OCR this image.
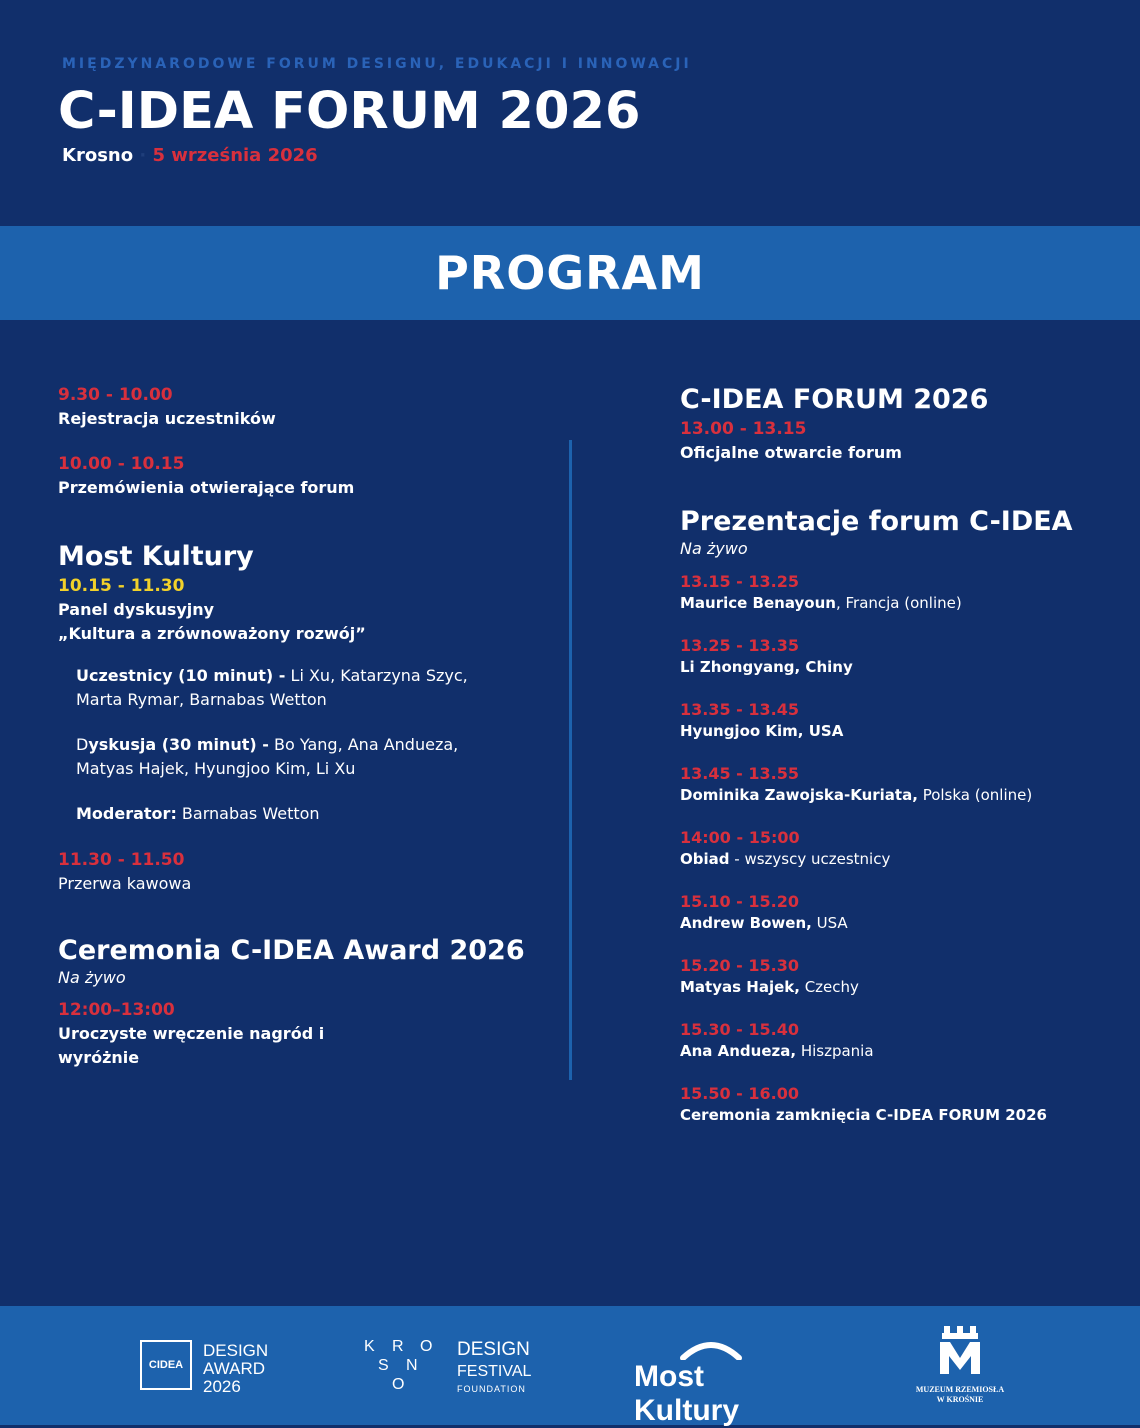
MIĘDZYNARODOWE FORUM DESIGNU, EDUKACJI I INNOWACJI
C-IDEA FORUM 2026
Krosno · 5 września 2026
PROGRAM
9.30 - 10.00
Rejestracja uczestników
10.00 - 10.15
Przemówienia otwierające forum
Most Kultury
10.15 - 11.30
Panel dyskusyjny
„Kultura a zrównoważony rozwój”
Uczestnicy (10 minut) - Li Xu, Katarzyna Szyc, Marta Rymar, Barnabas Wetton
Dyskusja (30 minut) - Bo Yang, Ana Andueza, Matyas Hajek, Hyungjoo Kim, Li Xu
Moderator: Barnabas Wetton
11.30 - 11.50
Przerwa kawowa
Ceremonia C-IDEA Award 2026
Na żywo
12:00–13:00
Uroczyste wręczenie nagród i wyróżnie
C-IDEA FORUM 2026
13.00 - 13.15
Oficjalne otwarcie forum
Prezentacje forum C-IDEA
Na żywo
13.15 - 13.25
Maurice Benayoun, Francja (online)
13.25 - 13.35
Li Zhongyang, Chiny
13.35 - 13.45
Hyungjoo Kim, USA
13.45 - 13.55
Dominika Zawojska-Kuriata, Polska (online)
14:00 - 15:00
Obiad - wszyscy uczestnicy
15.10 - 15.20
Andrew Bowen, USA
15.20 - 15.30
Matyas Hajek, Czechy
15.30 - 15.40
Ana Andueza, Hiszpania
15.50 - 16.00
Ceremonia zamknięcia C-IDEA FORUM 2026
CIDEA
DESIGN
AWARD
2026
K R O
S N
O
DESIGN
FESTIVAL
FOUNDATION	Most Kultury
MUZEUM RZEMIOSŁA
W KROŚNIE
